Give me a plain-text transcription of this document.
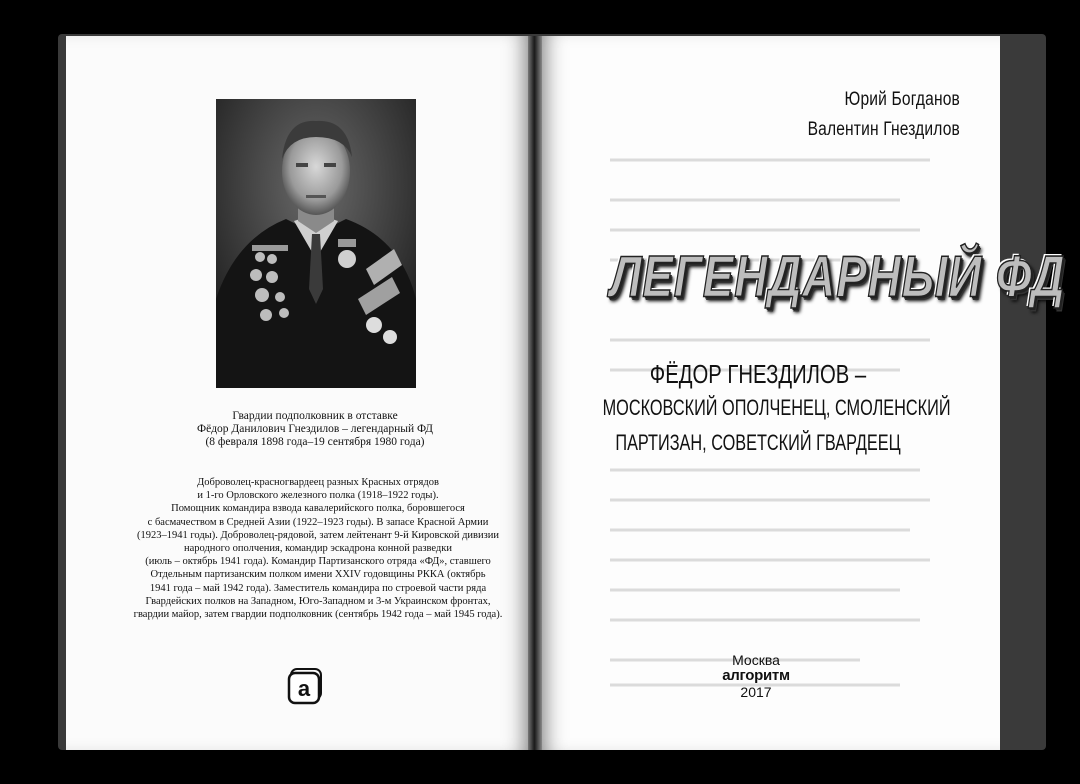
Гвардии подполковник в отставке
Фёдор Данилович Гнездилов – легендарный ФД
(8 февраля 1898 года–19 сентября 1980 года)
Доброволец-красногвардеец разных Красных отрядов
и 1-го Орловского железного полка (1918–1922 годы).
Помощник командира взвода кавалерийского полка, боровшегося
с басмачеством в Средней Азии (1922–1923 годы). В запасе Красной Армии
(1923–1941 годы). Доброволец-рядовой, затем лейтенант 9-й Кировской дивизии
народного ополчения, командир эскадрона конной разведки
(июль – октябрь 1941 года). Командир Партизанского отряда «ФД», ставшего
Отдельным партизанским полком имени XXIV годовщины РККА (октябрь
1941 года – май 1942 года). Заместитель командира по строевой части ряда
Гвардейских полков на Западном, Юго-Западном и 3-м Украинском фронтах,
гвардии майор, затем гвардии подполковник (сентябрь 1942 года – май 1945 года).
a
Юрий Богданов
Валентин Гнездилов
ЛЕГЕНДАРНЫЙ ФД
ФЁДОР ГНЕЗДИЛОВ –
МОСКОВСКИЙ ОПОЛЧЕНЕЦ, СМОЛЕНСКИЙ
ПАРТИЗАН, СОВЕТСКИЙ ГВАРДЕЕЦ
Москва
алгоритм
2017
